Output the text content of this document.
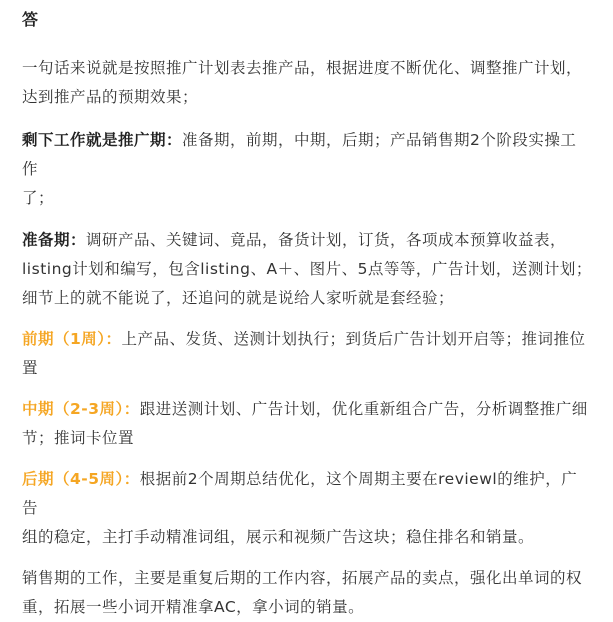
答

一句话来说就是按照推广计划表去推产品，根据进度不断优化、调整推广计划，
达到推产品的预期效果；

剩下工作就是推广期：准备期，前期，中期，后期；产品销售期2个阶段实操工作
了；

准备期：调研产品、关键词、竟品，备货计划，订货，各项成本预算收益表，
listing计划和编写，包含listing、A＋、图片、5点等等，广告计划，送测计划；
细节上的就不能说了，还追问的就是说给人家听就是套经验；

前期（1周）：上产品、发货、送测计划执行；到货后广告计划开启等；推词推位
置

中期（2-3周）：跟进送测计划、广告计划，优化重新组合广告，分析调整推广细
节；推词卡位置

后期（4-5周）：根据前2个周期总结优化，这个周期主要在reviewl的维护，广告
组的稳定，主打手动精准词组，展示和视频广告这块；稳住排名和销量。

销售期的工作，主要是重复后期的工作内容，拓展产品的卖点，强化出单词的权
重，拓展一些小词开精准拿AC，拿小词的销量。
